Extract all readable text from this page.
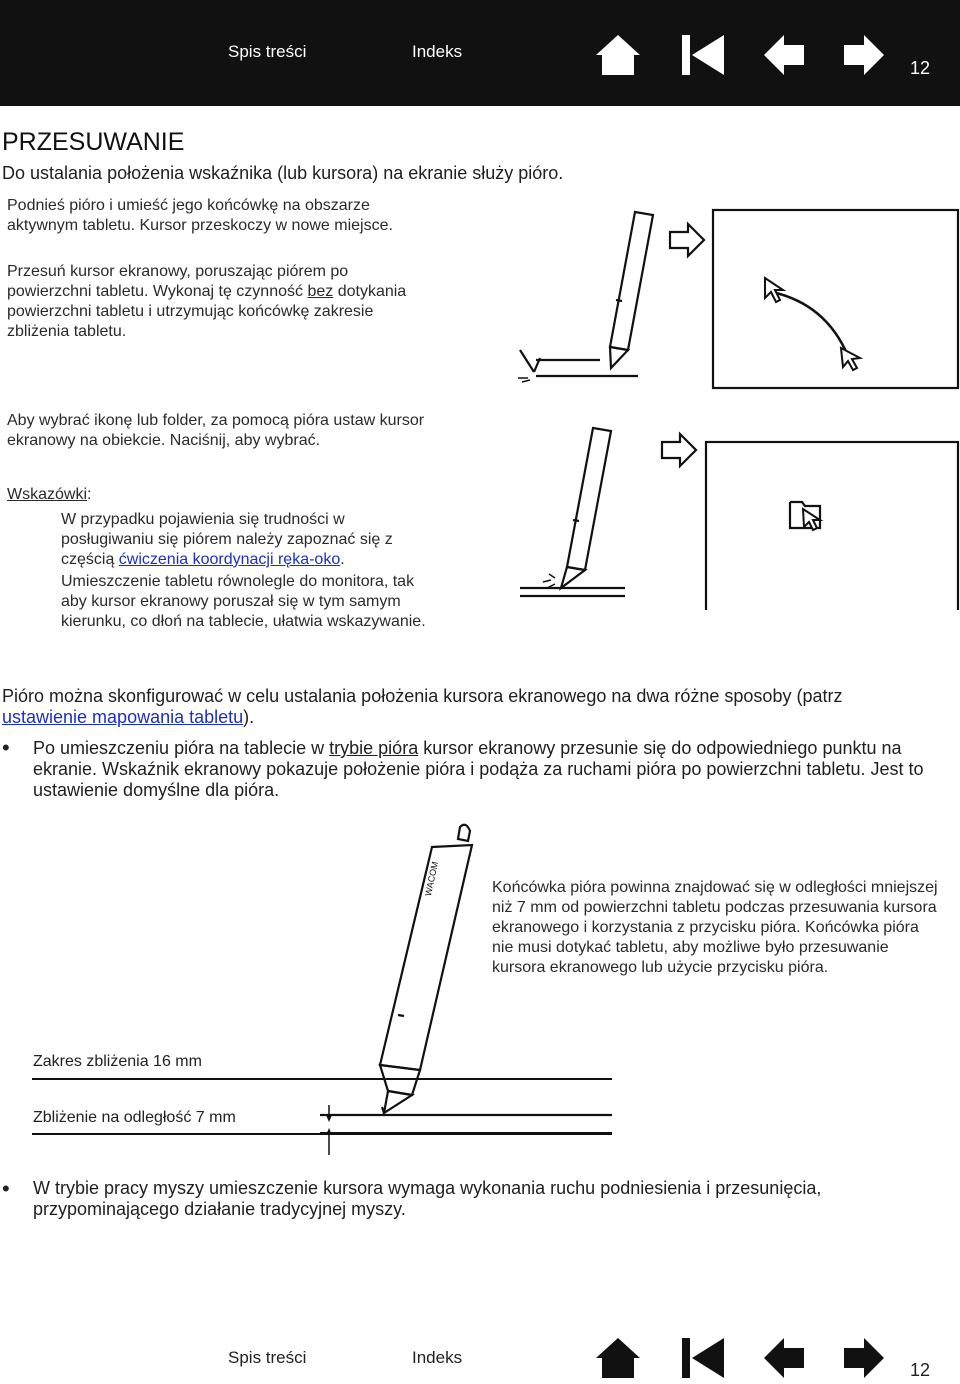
Spis treści	Indeks
12
PRZESUWANIE

Do ustalania położenia wskaźnika (lub kursora) na ekranie służy pióro.

Podnieś pióro i umieść jego końcówkę na obszarze aktywnym tabletu. Kursor przeskoczy w nowe miejsce.

Przesuń kursor ekranowy, poruszając piórem po powierzchni tabletu. Wykonaj tę czynność bez dotykania powierzchni tabletu i utrzymując końcówkę zakresie zbliżenia tabletu.

Aby wybrać ikonę lub folder, za pomocą pióra ustaw kursor ekranowy na obiekcie. Naciśnij, aby wybrać.

Wskazówki:

W przypadku pojawienia się trudności w posługiwaniu się piórem należy zapoznać się z częścią ćwiczenia koordynacji ręka-oko.

Umieszczenie tabletu równolegle do monitora, tak aby kursor ekranowy poruszał się w tym samym kierunku, co dłoń na tablecie, ułatwia wskazywanie.

Pióro można skonfigurować w celu ustalania położenia kursora ekranowego na dwa różne sposoby (patrz ustawienie mapowania tabletu).

• Po umieszczeniu pióra na tablecie w trybie pióra kursor ekranowy przesunie się do odpowiedniego punktu na ekranie. Wskaźnik ekranowy pokazuje położenie pióra i podąża za ruchami pióra po powierzchni tabletu. Jest to ustawienie domyślne dla pióra.

WACOM	Końcówka pióra powinna znajdować się w odległości mniejszej niż 7 mm od powierzchni tabletu podczas przesuwania kursora ekranowego i korzystania z przycisku pióra. Końcówka pióra nie musi dotykać tabletu, aby możliwe było przesuwanie kursora ekranowego lub użycie przycisku pióra.

Zakres zbliżenia 16 mm

Zbliżenie na odległość 7 mm

• W trybie pracy myszy umieszczenie kursora wymaga wykonania ruchu podniesienia i przesunięcia, przypominającego działanie tradycyjnej myszy.

Spis treści	Indeks
12
